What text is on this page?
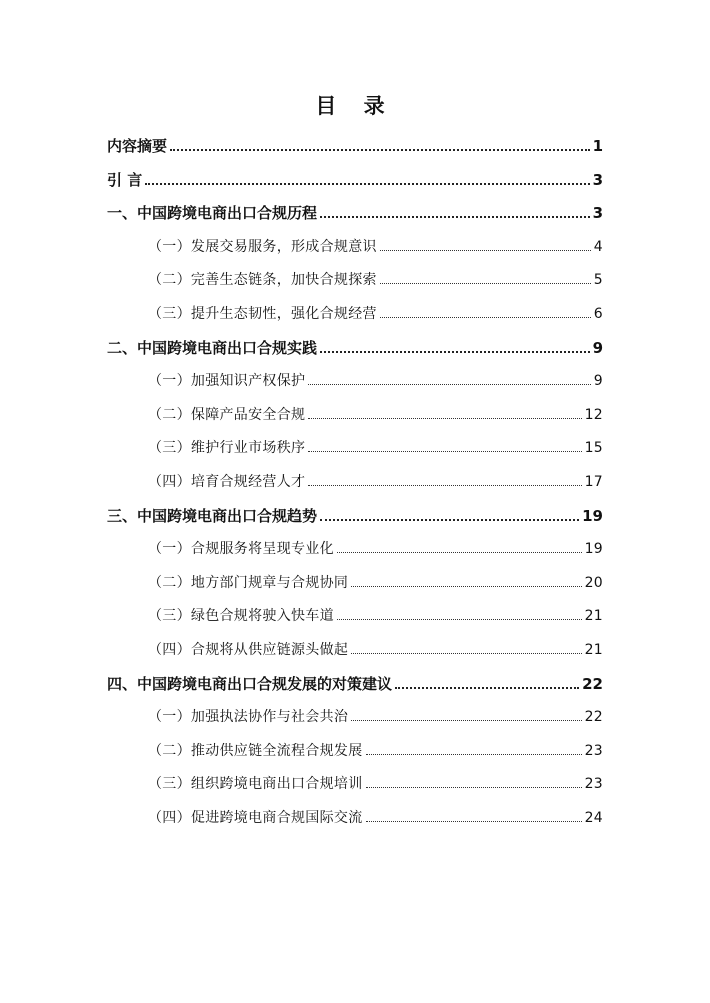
目 录
内容摘要	1
引 言	3
一、中国跨境电商出口合规历程	3
（一）发展交易服务，形成合规意识	4
（二）完善生态链条，加快合规探索	5
（三）提升生态韧性，强化合规经营	6
二、中国跨境电商出口合规实践	9
（一）加强知识产权保护	9
（二）保障产品安全合规	12
（三）维护行业市场秩序	15
（四）培育合规经营人才	17
三、中国跨境电商出口合规趋势	19
（一）合规服务将呈现专业化	19
（二）地方部门规章与合规协同	20
（三）绿色合规将驶入快车道	21
（四）合规将从供应链源头做起	21
四、中国跨境电商出口合规发展的对策建议	22
（一）加强执法协作与社会共治	22
（二）推动供应链全流程合规发展	23
（三）组织跨境电商出口合规培训	23
（四）促进跨境电商合规国际交流	24
